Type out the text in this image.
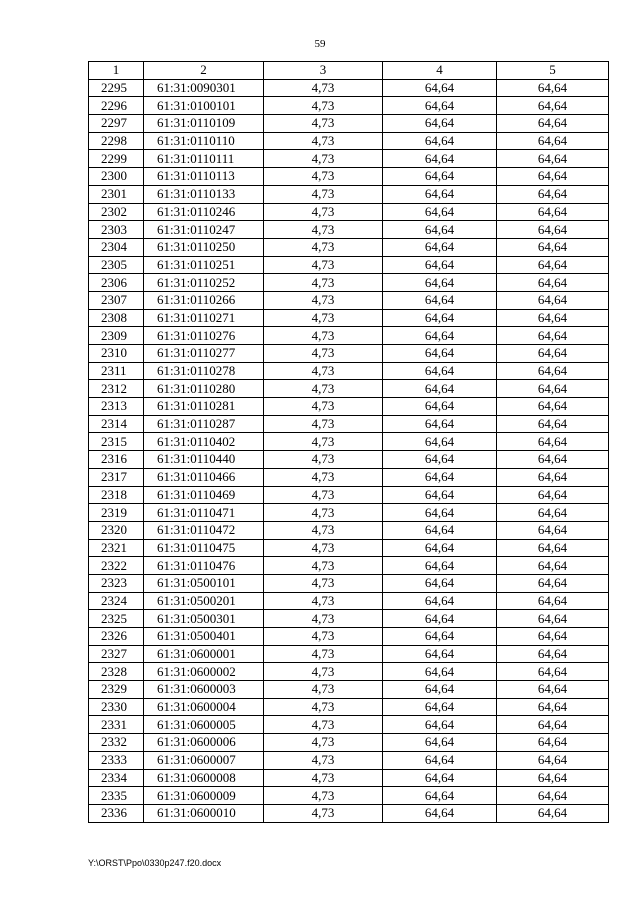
59
1	2	3	4	5
2295	61:31:0090301	4,73	64,64	64,64
2296	61:31:0100101	4,73	64,64	64,64
2297	61:31:0110109	4,73	64,64	64,64
2298	61:31:0110110	4,73	64,64	64,64
2299	61:31:0110111	4,73	64,64	64,64
2300	61:31:0110113	4,73	64,64	64,64
2301	61:31:0110133	4,73	64,64	64,64
2302	61:31:0110246	4,73	64,64	64,64
2303	61:31:0110247	4,73	64,64	64,64
2304	61:31:0110250	4,73	64,64	64,64
2305	61:31:0110251	4,73	64,64	64,64
2306	61:31:0110252	4,73	64,64	64,64
2307	61:31:0110266	4,73	64,64	64,64
2308	61:31:0110271	4,73	64,64	64,64
2309	61:31:0110276	4,73	64,64	64,64
2310	61:31:0110277	4,73	64,64	64,64
2311	61:31:0110278	4,73	64,64	64,64
2312	61:31:0110280	4,73	64,64	64,64
2313	61:31:0110281	4,73	64,64	64,64
2314	61:31:0110287	4,73	64,64	64,64
2315	61:31:0110402	4,73	64,64	64,64
2316	61:31:0110440	4,73	64,64	64,64
2317	61:31:0110466	4,73	64,64	64,64
2318	61:31:0110469	4,73	64,64	64,64
2319	61:31:0110471	4,73	64,64	64,64
2320	61:31:0110472	4,73	64,64	64,64
2321	61:31:0110475	4,73	64,64	64,64
2322	61:31:0110476	4,73	64,64	64,64
2323	61:31:0500101	4,73	64,64	64,64
2324	61:31:0500201	4,73	64,64	64,64
2325	61:31:0500301	4,73	64,64	64,64
2326	61:31:0500401	4,73	64,64	64,64
2327	61:31:0600001	4,73	64,64	64,64
2328	61:31:0600002	4,73	64,64	64,64
2329	61:31:0600003	4,73	64,64	64,64
2330	61:31:0600004	4,73	64,64	64,64
2331	61:31:0600005	4,73	64,64	64,64
2332	61:31:0600006	4,73	64,64	64,64
2333	61:31:0600007	4,73	64,64	64,64
2334	61:31:0600008	4,73	64,64	64,64
2335	61:31:0600009	4,73	64,64	64,64
2336	61:31:0600010	4,73	64,64	64,64
Y:\ORST\Ppo\0330p247.f20.docx
